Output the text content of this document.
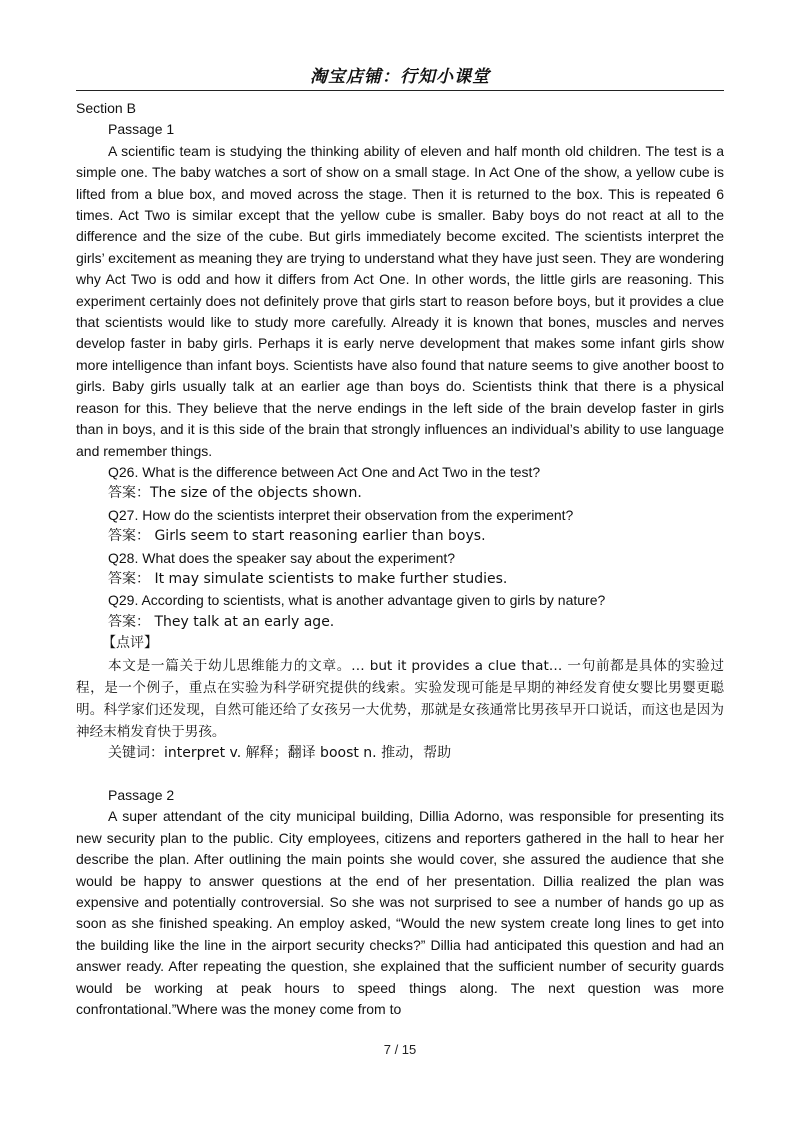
淘宝店铺：行知小课堂
Section B
Passage 1
A scientific team is studying the thinking ability of eleven and half month old children. The test is a simple one. The baby watches a sort of show on a small stage. In Act One of the show, a yellow cube is lifted from a blue box, and moved across the stage. Then it is returned to the box. This is repeated 6 times. Act Two is similar except that the yellow cube is smaller. Baby boys do not react at all to the difference and the size of the cube. But girls immediately become excited. The scientists interpret the girls’ excitement as meaning they are trying to understand what they have just seen. They are wondering why Act Two is odd and how it differs from Act One. In other words, the little girls are reasoning. This experiment certainly does not definitely prove that girls start to reason before boys, but it provides a clue that scientists would like to study more carefully. Already it is known that bones, muscles and nerves develop faster in baby girls. Perhaps it is early nerve development that makes some infant girls show more intelligence than infant boys. Scientists have also found that nature seems to give another boost to girls. Baby girls usually talk at an earlier age than boys do. Scientists think that there is a physical reason for this. They believe that the nerve endings in the left side of the brain develop faster in girls than in boys, and it is this side of the brain that strongly influences an individual’s ability to use language and remember things.
Q26. What is the difference between Act One and Act Two in the test?
答案：The size of the objects shown.
Q27. How do the scientists interpret their observation from the experiment?
答案： Girls seem to start reasoning earlier than boys.
Q28. What does the speaker say about the experiment?
答案： It may simulate scientists to make further studies.
Q29. According to scientists, what is another advantage given to girls by nature?
答案： They talk at an early age.
【点评】
本文是一篇关于幼儿思维能力的文章。… but it provides a clue that… 一句前都是具体的实验过程，是一个例子，重点在实验为科学研究提供的线索。实验发现可能是早期的神经发育使女婴比男婴更聪明。科学家们还发现，自然可能还给了女孩另一大优势，那就是女孩通常比男孩早开口说话，而这也是因为神经末梢发育快于男孩。
关键词：interpret v. 解释；翻译 boost n. 推动，帮助
Passage 2
A super attendant of the city municipal building, Dillia Adorno, was responsible for presenting its new security plan to the public. City employees, citizens and reporters gathered in the hall to hear her describe the plan. After outlining the main points she would cover, she assured the audience that she would be happy to answer questions at the end of her presentation. Dillia realized the plan was expensive and potentially controversial. So she was not surprised to see a number of hands go up as soon as she finished speaking. An employ asked, “Would the new system create long lines to get into the building like the line in the airport security checks?” Dillia had anticipated this question and had an answer ready. After repeating the question, she explained that the sufficient number of security guards would be working at peak hours to speed things along. The next question was more confrontational.”Where was the money come from to
7 / 15
